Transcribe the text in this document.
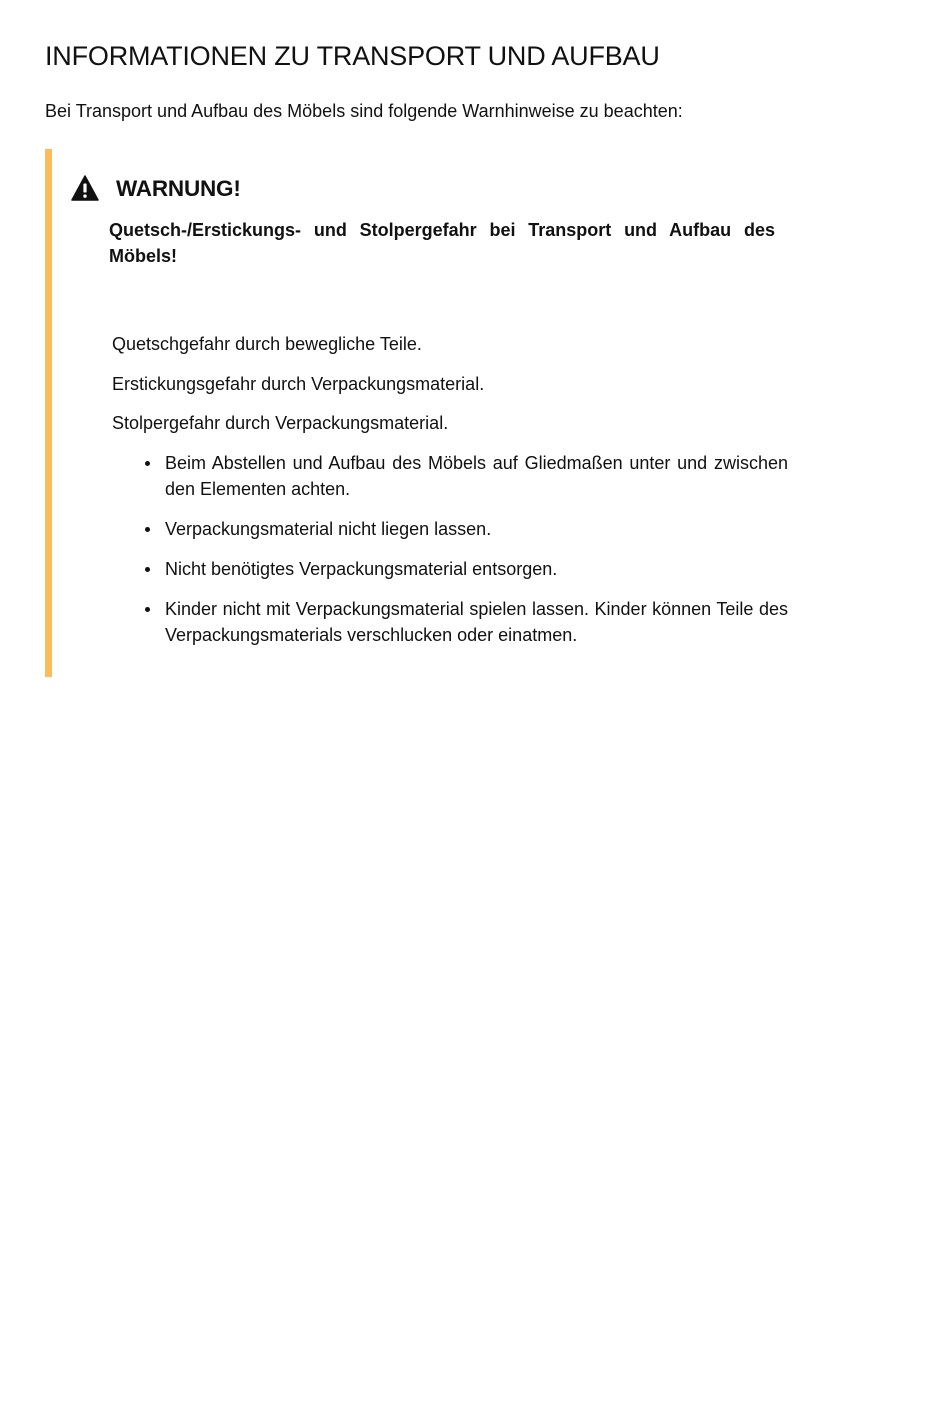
INFORMATIONEN ZU TRANSPORT UND AUFBAU

Bei Transport und Aufbau des Möbels sind folgende Warnhinweise zu beachten:

WARNUNG!

Quetsch-/Erstickungs- und Stolpergefahr bei Transport und Aufbau des Möbels!

Quetschgefahr durch bewegliche Teile.

Erstickungsgefahr durch Verpackungsmaterial.

Stolpergefahr durch Verpackungsmaterial.

Beim Abstellen und Aufbau des Möbels auf Gliedmaßen unter und zwischen den Elementen achten.
Verpackungsmaterial nicht liegen lassen.
Nicht benötigtes Verpackungsmaterial entsorgen.
Kinder nicht mit Verpackungsmaterial spielen lassen. Kinder können Teile des Verpackungsmaterials verschlucken oder einatmen.
